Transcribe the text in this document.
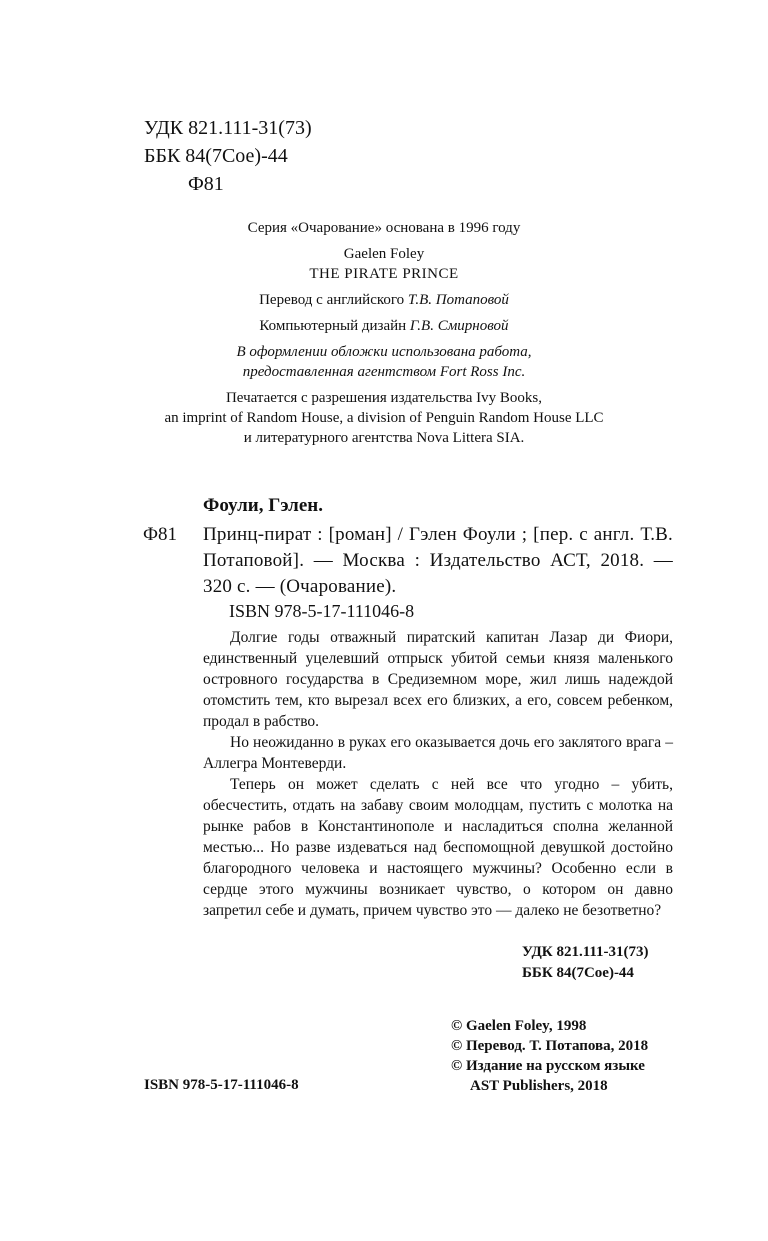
УДК 821.111-31(73)
ББК 84(7Сое)-44
Ф81
Серия «Очарование» основана в 1996 году
Gaelen Foley
THE PIRATE PRINCE
Перевод с английского Т.В. Потаповой
Компьютерный дизайн Г.В. Смирновой
В оформлении обложки использована работа,
предоставленная агентством Fort Ross Inc.
Печатается с разрешения издательства Ivy Books,
an imprint of Random House, a division of Penguin Random House LLC
и литературного агентства Nova Littera SIA.
Фоули, Гэлен.
Ф81 Принц-пират : [роман] / Гэлен Фоули ; [пер. с англ. Т.В. Потаповой]. — Москва : Издательство АСТ, 2018. — 320 с. — (Очарование).
ISBN 978-5-17-111046-8

Долгие годы отважный пиратский капитан Лазар ди Фиори, единственный уцелевший отпрыск убитой семьи князя маленького островного государства в Средиземном море, жил лишь надеждой отомстить тем, кто вырезал всех его близких, а его, совсем ребенком, продал в рабство.

Но неожиданно в руках его оказывается дочь его заклятого врага – Аллегра Монтеверди.

Теперь он может сделать с ней все что угодно – убить, обесчестить, отдать на забаву своим молодцам, пустить с молотка на рынке рабов в Константинополе и насладиться сполна желанной местью... Но разве издеваться над беспомощной девушкой достойно благородного человека и настоящего мужчины? Особенно если в сердце этого мужчины возникает чувство, о котором он давно запретил себе и думать, причем чувство это — далеко не безответно?

УДК 821.111-31(73)
ББК 84(7Сое)-44
© Gaelen Foley, 1998
© Перевод. Т. Потапова, 2018
© Издание на русском языке
AST Publishers, 2018
ISBN 978-5-17-111046-8
